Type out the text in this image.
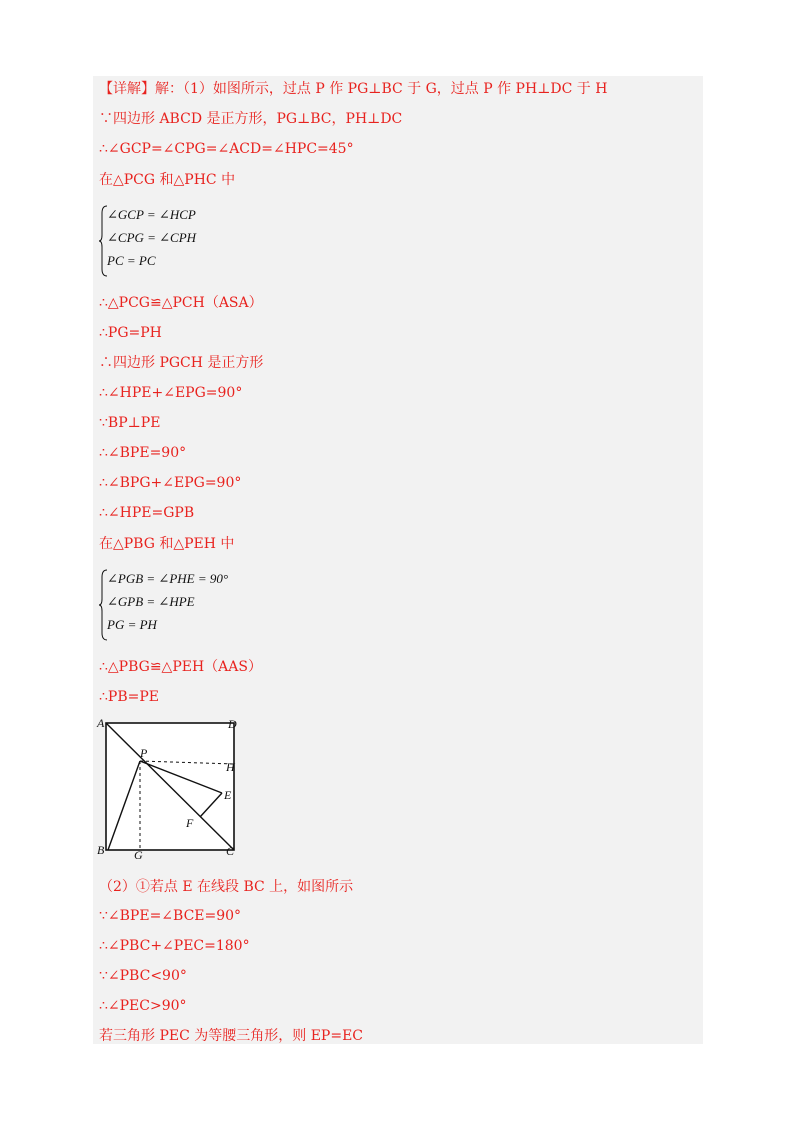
【详解】解：（1）如图所示，过点 P 作 PG⊥BC 于 G，过点 P 作 PH⊥DC 于 H
∵四边形 ABCD 是正方形，PG⊥BC，PH⊥DC
∴∠GCP=∠CPG=∠ACD=∠HPC=45°
在△PCG 和△PHC 中
∠GCP = ∠HCP
∠CPG = ∠CPH
PC = PC
∴△PCG≌△PCH（ASA）
∴PG=PH
∴四边形 PGCH 是正方形
∴∠HPE+∠EPG=90°
∵BP⊥PE
∴∠BPE=90°
∴∠BPG+∠EPG=90°
∴∠HPE=GPB
在△PBG 和△PEH 中
∠PGB = ∠PHE = 90°
∠GPB = ∠HPE
PG = PH
∴△PBG≌△PEH（AAS）
∴PB=PE
A	D
B	C
P
G
H
E
F
（2）①若点 E 在线段 BC 上，如图所示
∵∠BPE=∠BCE=90°
∴∠PBC+∠PEC=180°
∵∠PBC<90°
∴∠PEC>90°
若三角形 PEC 为等腰三角形，则 EP=EC
